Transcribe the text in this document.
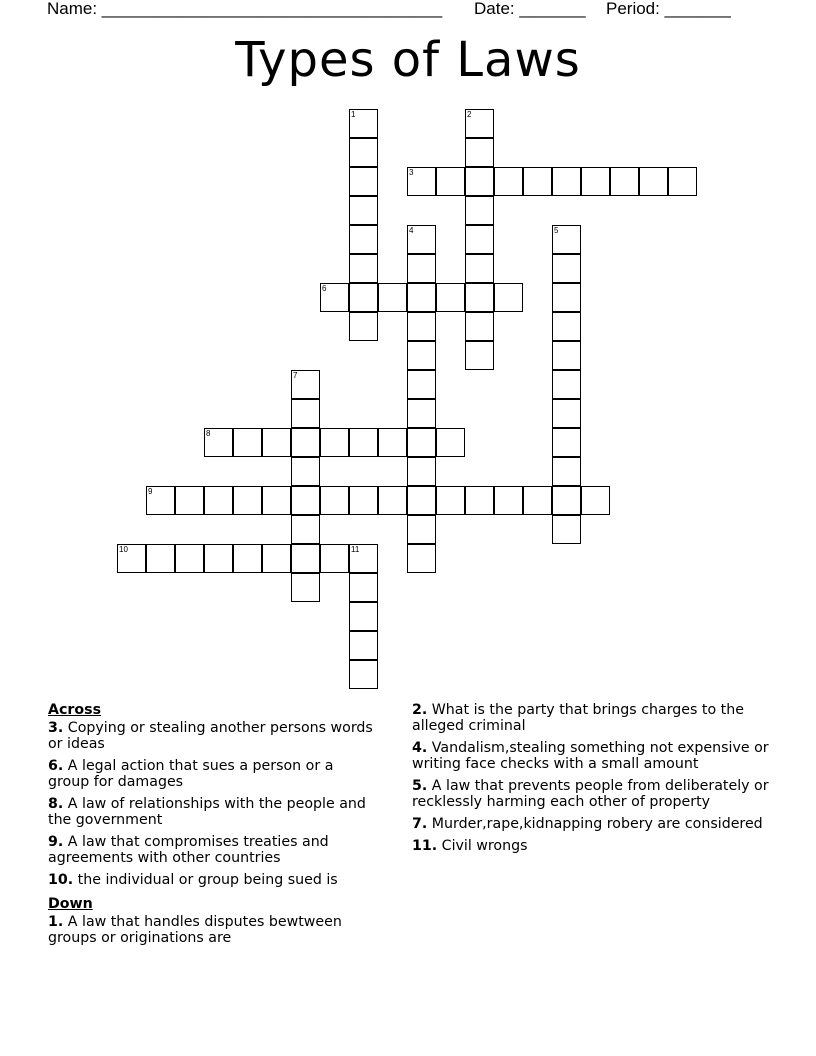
Name: ____________________________________ Date: _______ Period: _______
Types of Laws
1	2
3
4	5
6
7
8
9
10	11
Across
3. Copying or stealing another persons words or ideas
6. A legal action that sues a person or a group for damages
8. A law of relationships with the people and the government
9. A law that compromises treaties and agreements with other countries
10. the individual or group being sued is
Down
1. A law that handles disputes bewtween groups or originations are
2. What is the party that brings charges to the alleged criminal
4. Vandalism,stealing something not expensive or writing face checks with a small amount
5. A law that prevents people from deliberately or recklessly harming each other of property
7. Murder,rape,kidnapping robery are considered
11. Civil wrongs
